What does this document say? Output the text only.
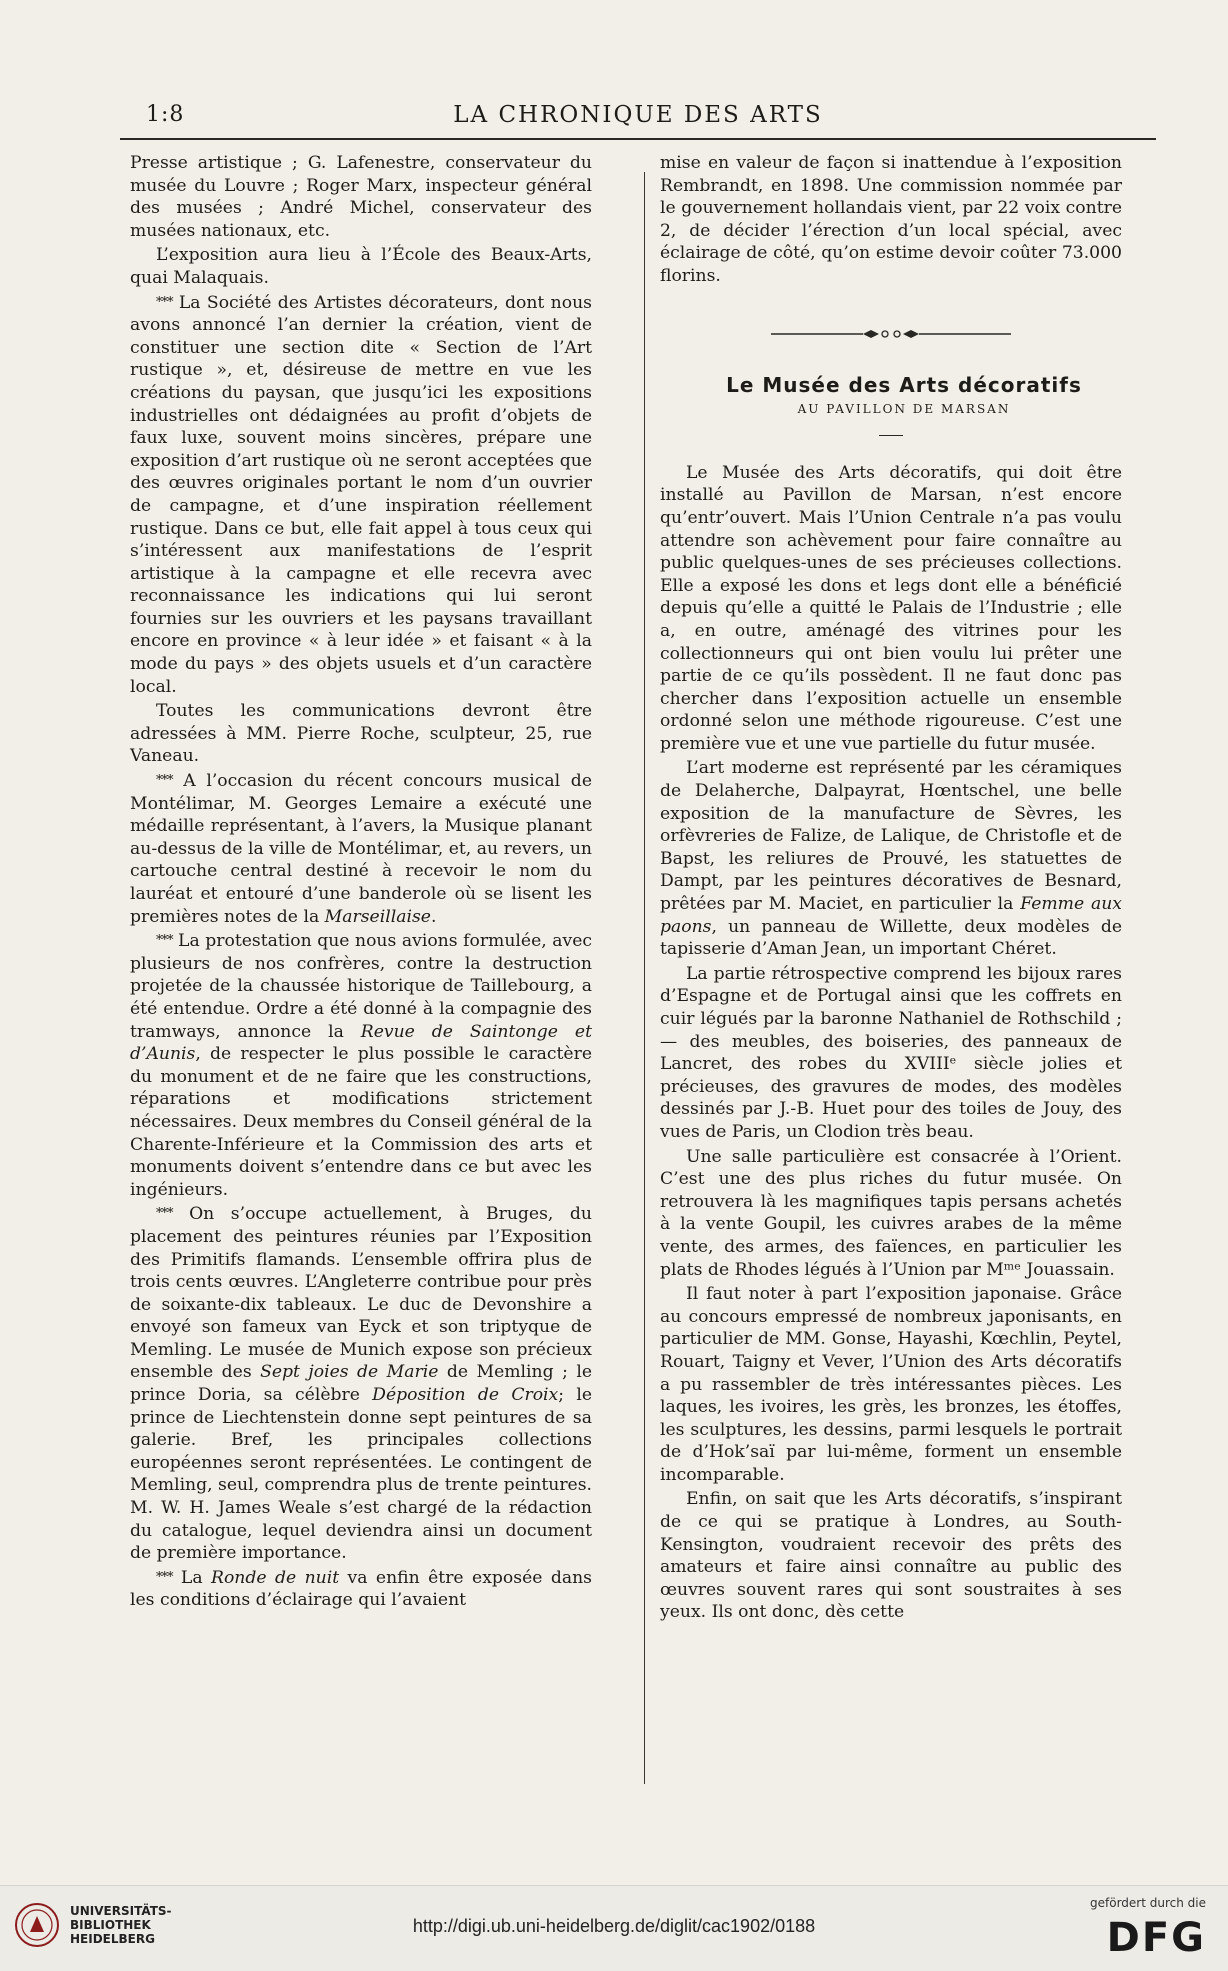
1:8	LA CHRONIQUE DES ARTS

Presse artistique ; G. Lafenestre, conservateur du musée du Louvre ; Roger Marx, inspecteur général des musées ; André Michel, conservateur des musées nationaux, etc.

L’exposition aura lieu à l’École des Beaux-Arts, quai Malaquais.

*** La Société des Artistes décorateurs, dont nous avons annoncé l’an dernier la création, vient de constituer une section dite « Section de l’Art rustique », et, désireuse de mettre en vue les créations du paysan, que jusqu’ici les expositions industrielles ont dédaignées au profit d’objets de faux luxe, souvent moins sincères, prépare une exposition d’art rustique où ne seront acceptées que des œuvres originales portant le nom d’un ouvrier de campagne, et d’une inspiration réellement rustique. Dans ce but, elle fait appel à tous ceux qui s’intéressent aux manifestations de l’esprit artistique à la campagne et elle recevra avec reconnaissance les indications qui lui seront fournies sur les ouvriers et les paysans travaillant encore en province « à leur idée » et faisant « à la mode du pays » des objets usuels et d’un caractère local.

Toutes les communications devront être adressées à MM. Pierre Roche, sculpteur, 25, rue Vaneau.

*** A l’occasion du récent concours musical de Montélimar, M. Georges Lemaire a exécuté une médaille représentant, à l’avers, la Musique planant au-dessus de la ville de Montélimar, et, au revers, un cartouche central destiné à recevoir le nom du lauréat et entouré d’une banderole où se lisent les premières notes de la Marseillaise.

*** La protestation que nous avions formulée, avec plusieurs de nos confrères, contre la destruction projetée de la chaussée historique de Taillebourg, a été entendue. Ordre a été donné à la compagnie des tramways, annonce la Revue de Saintonge et d’Aunis, de respecter le plus possible le caractère du monument et de ne faire que les constructions, réparations et modifications strictement nécessaires. Deux membres du Conseil général de la Charente-Inférieure et la Commission des arts et monuments doivent s’entendre dans ce but avec les ingénieurs.

*** On s’occupe actuellement, à Bruges, du placement des peintures réunies par l’Exposition des Primitifs flamands. L’ensemble offrira plus de trois cents œuvres. L’Angleterre contribue pour près de soixante-dix tableaux. Le duc de Devonshire a envoyé son fameux van Eyck et son triptyque de Memling. Le musée de Munich expose son précieux ensemble des Sept joies de Marie de Memling ; le prince Doria, sa célèbre Déposition de Croix; le prince de Liechtenstein donne sept peintures de sa galerie. Bref, les principales collections européennes seront représentées. Le contingent de Memling, seul, comprendra plus de trente peintures. M. W. H. James Weale s’est chargé de la rédaction du catalogue, lequel deviendra ainsi un document de première importance.

*** La Ronde de nuit va enfin être exposée dans les conditions d’éclairage qui l’avaient

mise en valeur de façon si inattendue à l’exposition Rembrandt, en 1898. Une commission nommée par le gouvernement hollandais vient, par 22 voix contre 2, de décider l’érection d’un local spécial, avec éclairage de côté, qu’on estime devoir coûter 73.000 florins.

Le Musée des Arts décoratifs

AU PAVILLON DE MARSAN

Le Musée des Arts décoratifs, qui doit être installé au Pavillon de Marsan, n’est encore qu’entr’ouvert. Mais l’Union Centrale n’a pas voulu attendre son achèvement pour faire connaître au public quelques-unes de ses précieuses collections. Elle a exposé les dons et legs dont elle a bénéficié depuis qu’elle a quitté le Palais de l’Industrie ; elle a, en outre, aménagé des vitrines pour les collectionneurs qui ont bien voulu lui prêter une partie de ce qu’ils possèdent. Il ne faut donc pas chercher dans l’exposition actuelle un ensemble ordonné selon une méthode rigoureuse. C’est une première vue et une vue partielle du futur musée.

L’art moderne est représenté par les céramiques de Delaherche, Dalpayrat, Hœntschel, une belle exposition de la manufacture de Sèvres, les orfèvreries de Falize, de Lalique, de Christofle et de Bapst, les reliures de Prouvé, les statuettes de Dampt, par les peintures décoratives de Besnard, prêtées par M. Maciet, en particulier la Femme aux paons, un panneau de Willette, deux modèles de tapisserie d’Aman Jean, un important Chéret.

La partie rétrospective comprend les bijoux rares d’Espagne et de Portugal ainsi que les coffrets en cuir légués par la baronne Nathaniel de Rothschild ; — des meubles, des boiseries, des panneaux de Lancret, des robes du XVIIIᵉ siècle jolies et précieuses, des gravures de modes, des modèles dessinés par J.-B. Huet pour des toiles de Jouy, des vues de Paris, un Clodion très beau.

Une salle particulière est consacrée à l’Orient. C’est une des plus riches du futur musée. On retrouvera là les magnifiques tapis persans achetés à la vente Goupil, les cuivres arabes de la même vente, des armes, des faïences, en particulier les plats de Rhodes légués à l’Union par Mᵐᵉ Jouassain.

Il faut noter à part l’exposition japonaise. Grâce au concours empressé de nombreux japonisants, en particulier de MM. Gonse, Hayashi, Kœchlin, Peytel, Rouart, Taigny et Vever, l’Union des Arts décoratifs a pu rassembler de très intéressantes pièces. Les laques, les ivoires, les grès, les bronzes, les étoffes, les sculptures, les dessins, parmi lesquels le portrait de d’Hok’saï par lui-même, forment un ensemble incomparable.

Enfin, on sait que les Arts décoratifs, s’inspirant de ce qui se pratique à Londres, au South-Kensington, voudraient recevoir des prêts des amateurs et faire ainsi connaître au public des œuvres souvent rares qui sont soustraites à ses yeux. Ils ont donc, dès cette

UNIVERSITÄTS-
BIBLIOTHEK
HEIDELBERG
http://digi.ub.uni-heidelberg.de/diglit/cac1902/0188
gefördert durch die
DFG
